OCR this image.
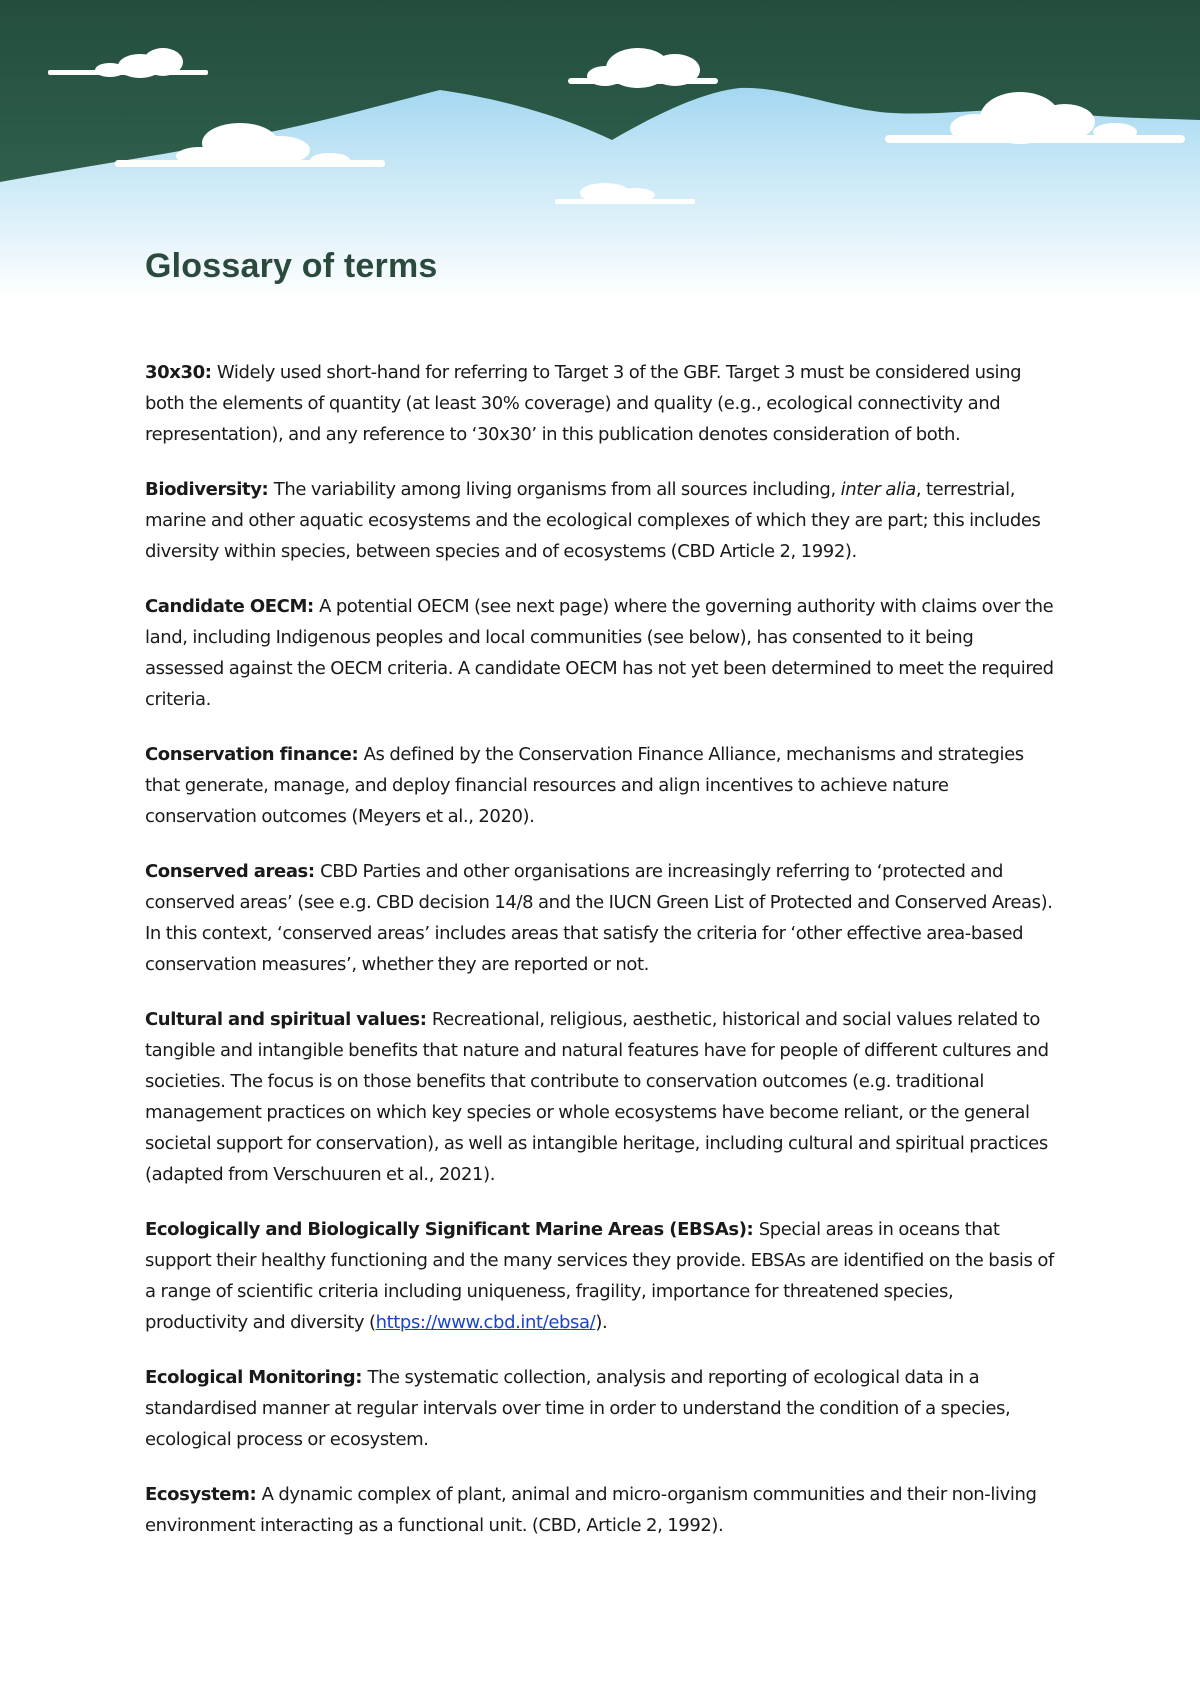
Glossary of terms

30x30: Widely used short-hand for referring to Target 3 of the GBF. Target 3 must be considered using both the elements of quantity (at least 30% coverage) and quality (e.g., ecological connectivity and representation), and any reference to ‘30x30’ in this publication denotes consideration of both.

Biodiversity: The variability among living organisms from all sources including, inter alia, terrestrial, marine and other aquatic ecosystems and the ecological complexes of which they are part; this includes diversity within species, between species and of ecosystems (CBD Article 2, 1992).

Candidate OECM: A potential OECM (see next page) where the governing authority with claims over the land, including Indigenous peoples and local communities (see below), has consented to it being assessed against the OECM criteria. A candidate OECM has not yet been determined to meet the required criteria.

Conservation finance: As defined by the Conservation Finance Alliance, mechanisms and strategies that generate, manage, and deploy financial resources and align incentives to achieve nature conservation outcomes (Meyers et al., 2020).

Conserved areas: CBD Parties and other organisations are increasingly referring to ‘protected and conserved areas’ (see e.g. CBD decision 14/8 and the IUCN Green List of Protected and Conserved Areas). In this context, ‘conserved areas’ includes areas that satisfy the criteria for ‘other effective area-based conservation measures’, whether they are reported or not.

Cultural and spiritual values: Recreational, religious, aesthetic, historical and social values related to tangible and intangible benefits that nature and natural features have for people of different cultures and societies. The focus is on those benefits that contribute to conservation outcomes (e.g. traditional management practices on which key species or whole ecosystems have become reliant, or the general societal support for conservation), as well as intangible heritage, including cultural and spiritual practices (adapted from Verschuuren et al., 2021).

Ecologically and Biologically Significant Marine Areas (EBSAs): Special areas in oceans that support their healthy functioning and the many services they provide. EBSAs are identified on the basis of a range of scientific criteria including uniqueness, fragility, importance for threatened species, productivity and diversity (https://www.cbd.int/ebsa/).

Ecological Monitoring: The systematic collection, analysis and reporting of ecological data in a standardised manner at regular intervals over time in order to understand the condition of a species, ecological process or ecosystem.

Ecosystem: A dynamic complex of plant, animal and micro-organism communities and their non-living environment interacting as a functional unit. (CBD, Article 2, 1992).
